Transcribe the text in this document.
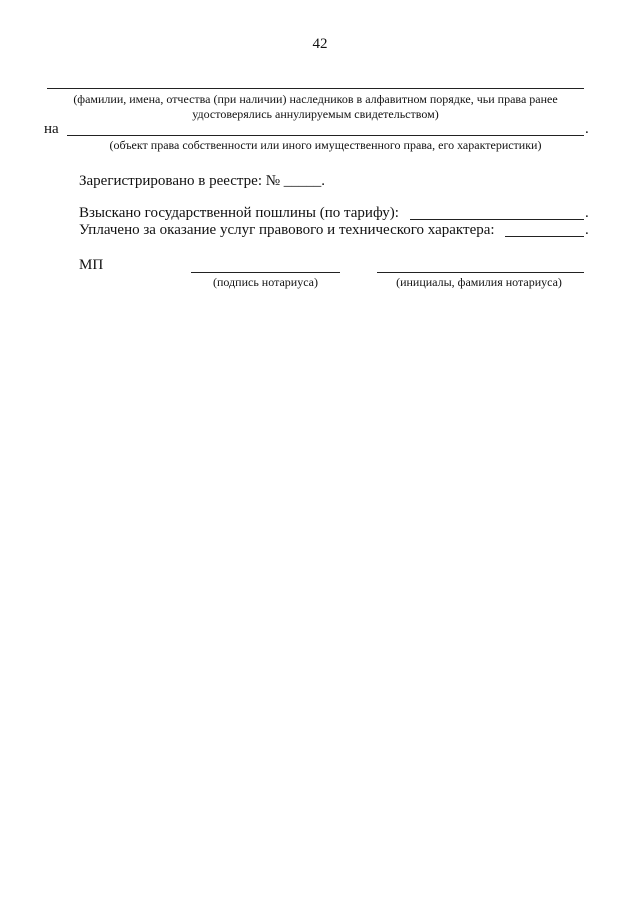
42
(фамилии, имена, отчества (при наличии) наследников в алфавитном порядке, чьи права ранее
удостоверялись аннулируемым свидетельством)
на	.
(объект права собственности или иного имущественного права, его характеристики)
Зарегистрировано в реестре: № _____.
Взыскано государственной пошлины (по тарифу):	.
Уплачено за оказание услуг правового и технического характера:	.
МП
(подпись нотариуса)	(инициалы, фамилия нотариуса)
